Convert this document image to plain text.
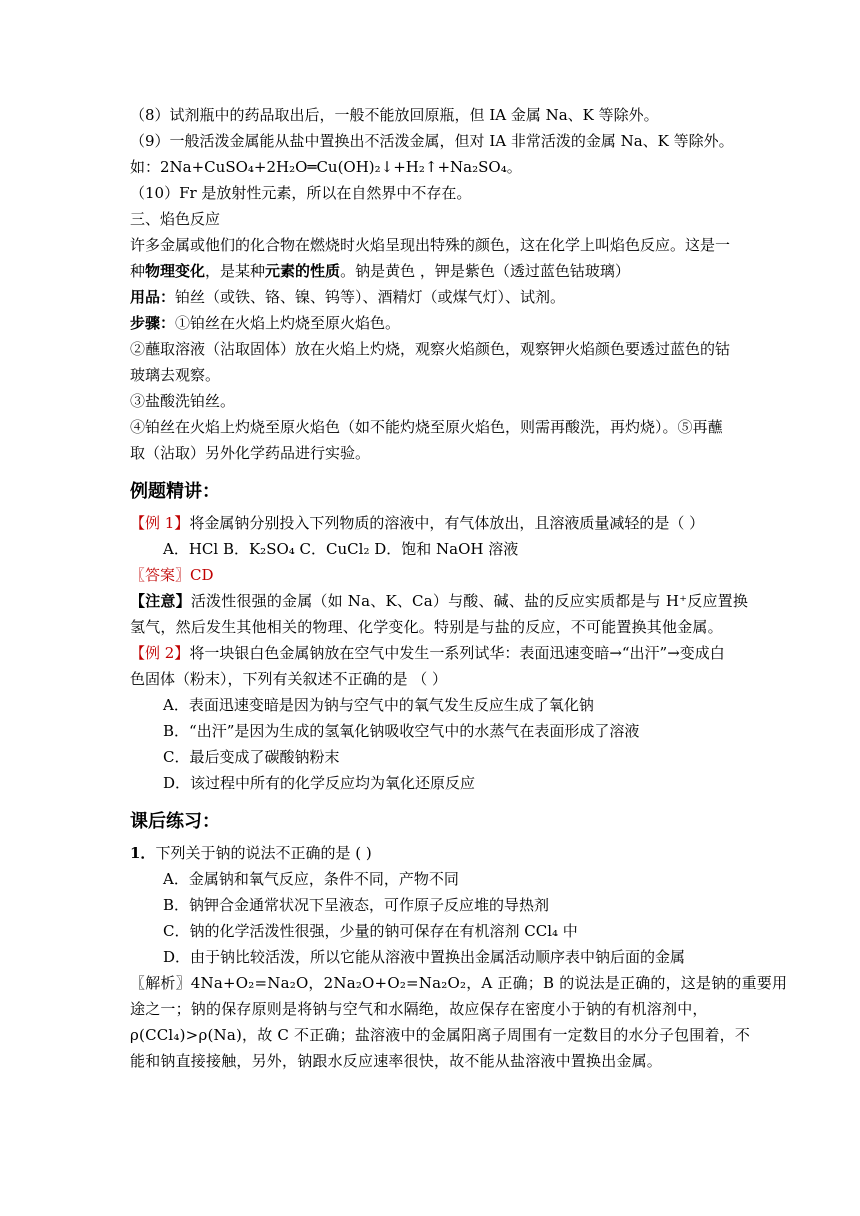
（8）试剂瓶中的药品取出后，一般不能放回原瓶，但 IA 金属 Na、K 等除外。
（9）一般活泼金属能从盐中置换出不活泼金属，但对 IA 非常活泼的金属 Na、K 等除外。
如：2Na+CuSO₄+2H₂O═Cu(OH)₂↓+H₂↑+Na₂SO₄。
（10）Fr 是放射性元素，所以在自然界中不存在。
三、焰色反应
许多金属或他们的化合物在燃烧时火焰呈现出特殊的颜色，这在化学上叫焰色反应。这是一
种物理变化，是某种元素的性质。钠是黄色 ，钾是紫色（透过蓝色钴玻璃）
用品：铂丝（或铁、铬、镍、钨等）、酒精灯（或煤气灯）、试剂。
步骤：①铂丝在火焰上灼烧至原火焰色。
②蘸取溶液（沾取固体）放在火焰上灼烧，观察火焰颜色，观察钾火焰颜色要透过蓝色的钴
玻璃去观察。
③盐酸洗铂丝。
④铂丝在火焰上灼烧至原火焰色（如不能灼烧至原火焰色，则需再酸洗，再灼烧）。⑤再蘸
取（沾取）另外化学药品进行实验。
例题精讲：
【例 1】将金属钠分别投入下列物质的溶液中，有气体放出，且溶液质量减轻的是（ ）
A．HCl B．K₂SO₄ C．CuCl₂ D．饱和 NaOH 溶液
〖答案〗CD
【注意】活泼性很强的金属（如 Na、K、Ca）与酸、碱、盐的反应实质都是与 H⁺反应置换
氢气，然后发生其他相关的物理、化学变化。特别是与盐的反应，不可能置换其他金属。
【例 2】将一块银白色金属钠放在空气中发生一系列试华：表面迅速变暗→“出汗”→变成白
色固体（粉末），下列有关叙述不正确的是 （ ）
A．表面迅速变暗是因为钠与空气中的氧气发生反应生成了氧化钠
B．“出汗”是因为生成的氢氧化钠吸收空气中的水蒸气在表面形成了溶液
C．最后变成了碳酸钠粉末
D．该过程中所有的化学反应均为氧化还原反应
课后练习：
1．下列关于钠的说法不正确的是 ( )
A．金属钠和氧气反应，条件不同，产物不同
B．钠钾合金通常状况下呈液态，可作原子反应堆的导热剂
C．钠的化学活泼性很强，少量的钠可保存在有机溶剂 CCl₄ 中
D．由于钠比较活泼，所以它能从溶液中置换出金属活动顺序表中钠后面的金属
〖解析〗4Na+O₂=Na₂O，2Na₂O+O₂=Na₂O₂，A 正确；B 的说法是正确的，这是钠的重要用
途之一；钠的保存原则是将钠与空气和水隔绝，故应保存在密度小于钠的有机溶剂中，
ρ(CCl₄)>ρ(Na)，故 C 不正确；盐溶液中的金属阳离子周围有一定数目的水分子包围着，不
能和钠直接接触，另外，钠跟水反应速率很快，故不能从盐溶液中置换出金属。
